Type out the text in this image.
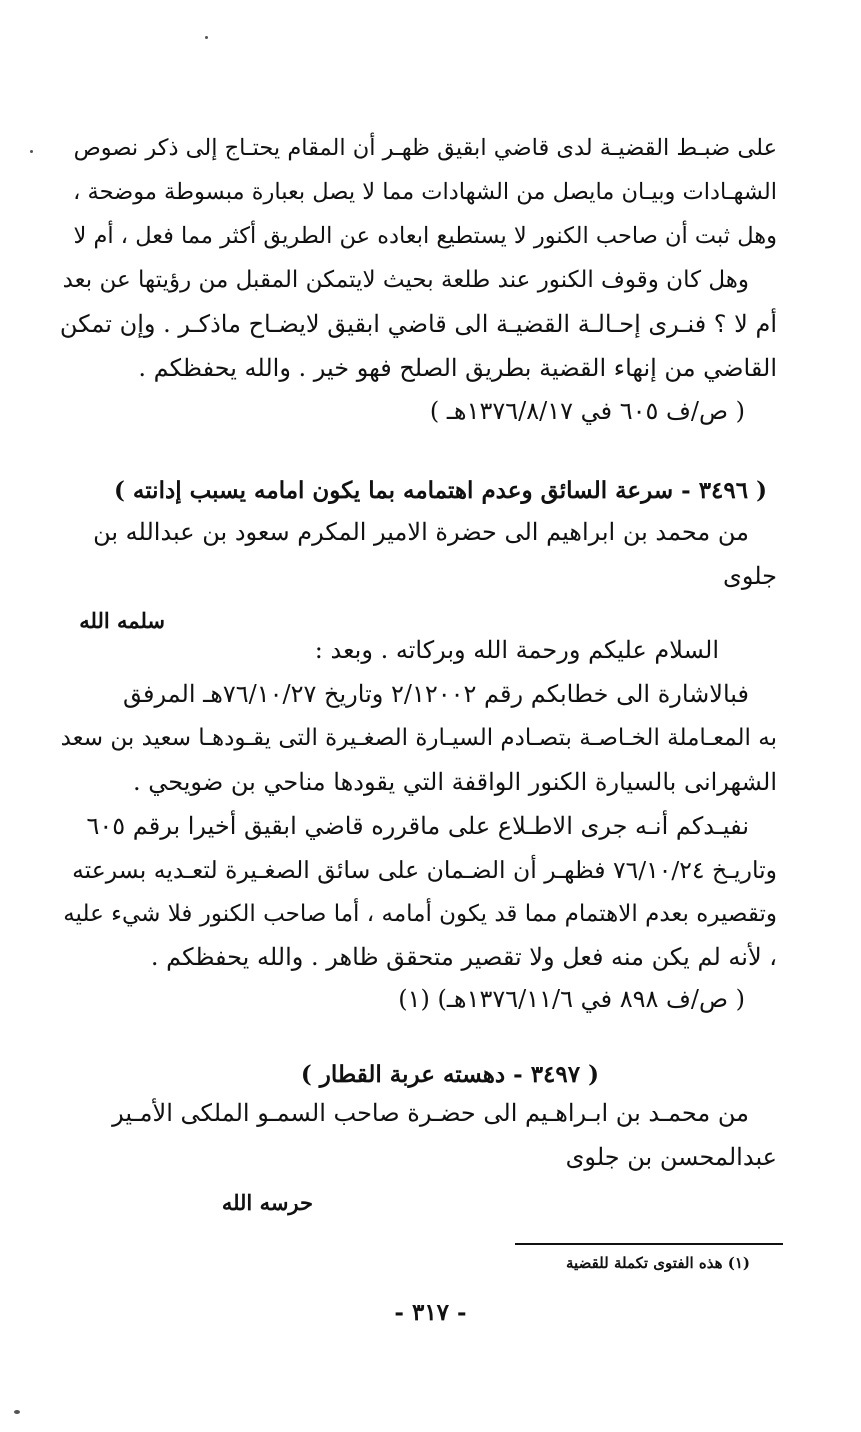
على ضبـط القضيـة لدى قاضي ابقيق ظهـر أن المقام يحتـاج إلى ذكر نصوص
الشهـادات وبيـان مايصل من الشهادات مما لا يصل بعبارة مبسوطة موضحة ،
وهل ثبت أن صاحب الكنور لا يستطيع ابعاده عن الطريق أكثر مما فعل ، أم لا
وهل كان وقوف الكنور عند طلعة بحيث لايتمكن المقبل من رؤيتها عن بعد
أم لا ؟ فنـرى إحـالـة القضيـة الى قاضي ابقيق لايضـاح ماذكـر . وإن تمكن
القاضي من إنهاء القضية بطريق الصلح فهو خير . والله يحفظكم .
( ص/ف ٦٠٥ في ١٣٧٦/٨/١٧هـ )
( ٣٤٩٦ - سرعة السائق وعدم اهتمامه بما يكون امامه يسبب إدانته )
من محمد بن ابراهيم الى حضرة الامير المكرم سعود بن عبدالله بن
جلوى
سلمه الله
السلام عليكم ورحمة الله وبركاته . وبعد :
فبالاشارة الى خطابكم رقم ٢/١٢٠٠٢ وتاريخ ٧٦/١٠/٢٧هـ المرفق
به المعـاملة الخـاصـة بتصـادم السيـارة الصغـيرة التى يقـودهـا سعيد بن سعد
الشهرانى بالسيارة الكنور الواقفة التي يقودها مناحي بن ضويحي .
نفيـدكم أنـه جرى الاطـلاع على ماقرره قاضي ابقيق أخيرا برقم ٦٠٥
وتاريـخ ٧٦/١٠/٢٤ فظهـر أن الضـمان على سائق الصغـيرة لتعـديه بسرعته
وتقصيره بعدم الاهتمام مما قد يكون أمامه ، أما صاحب الكنور فلا شيء عليه
، لأنه لم يكن منه فعل ولا تقصير متحقق ظاهر . والله يحفظكم .
( ص/ف ٨٩٨ في ١٣٧٦/١١/٦هـ) (١)
( ٣٤٩٧ - دهسته عربة القطار )
من محمـد بن ابـراهـيم الى حضـرة صاحب السمـو الملكى الأمـير
عبدالمحسن بن جلوى
حرسه الله
(١) هذه الفتوى تكملة للقضية
- ٣١٧ -
